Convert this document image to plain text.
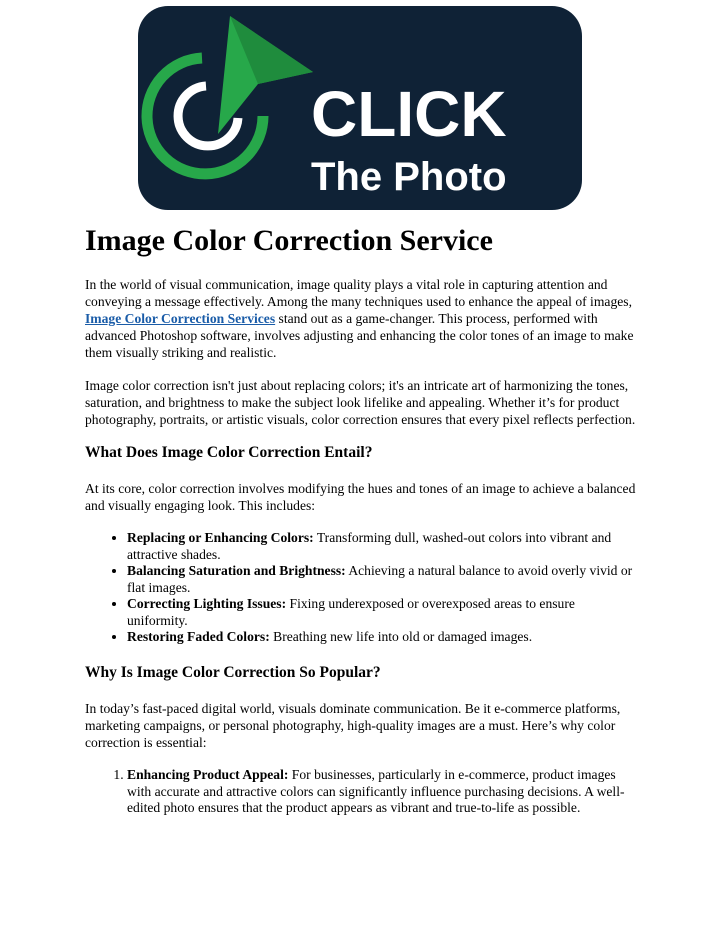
CLICK
The Photo
Image Color Correction Service

In the world of visual communication, image quality plays a vital role in capturing attention and conveying a message effectively. Among the many techniques used to enhance the appeal of images, Image Color Correction Services stand out as a game-changer. This process, performed with advanced Photoshop software, involves adjusting and enhancing the color tones of an image to make them visually striking and realistic.

Image color correction isn't just about replacing colors; it's an intricate art of harmonizing the tones, saturation, and brightness to make the subject look lifelike and appealing. Whether it’s for product photography, portraits, or artistic visuals, color correction ensures that every pixel reflects perfection.

What Does Image Color Correction Entail?

At its core, color correction involves modifying the hues and tones of an image to achieve a balanced and visually engaging look. This includes:

• Replacing or Enhancing Colors: Transforming dull, washed-out colors into vibrant and attractive shades.
• Balancing Saturation and Brightness: Achieving a natural balance to avoid overly vivid or flat images.
• Correcting Lighting Issues: Fixing underexposed or overexposed areas to ensure uniformity.
• Restoring Faded Colors: Breathing new life into old or damaged images.
Why Is Image Color Correction So Popular?

In today’s fast-paced digital world, visuals dominate communication. Be it e-commerce platforms, marketing campaigns, or personal photography, high-quality images are a must. Here’s why color correction is essential:

1. Enhancing Product Appeal: For businesses, particularly in e-commerce, product images with accurate and attractive colors can significantly influence purchasing decisions. A well-edited photo ensures that the product appears as vibrant and true-to-life as possible.
